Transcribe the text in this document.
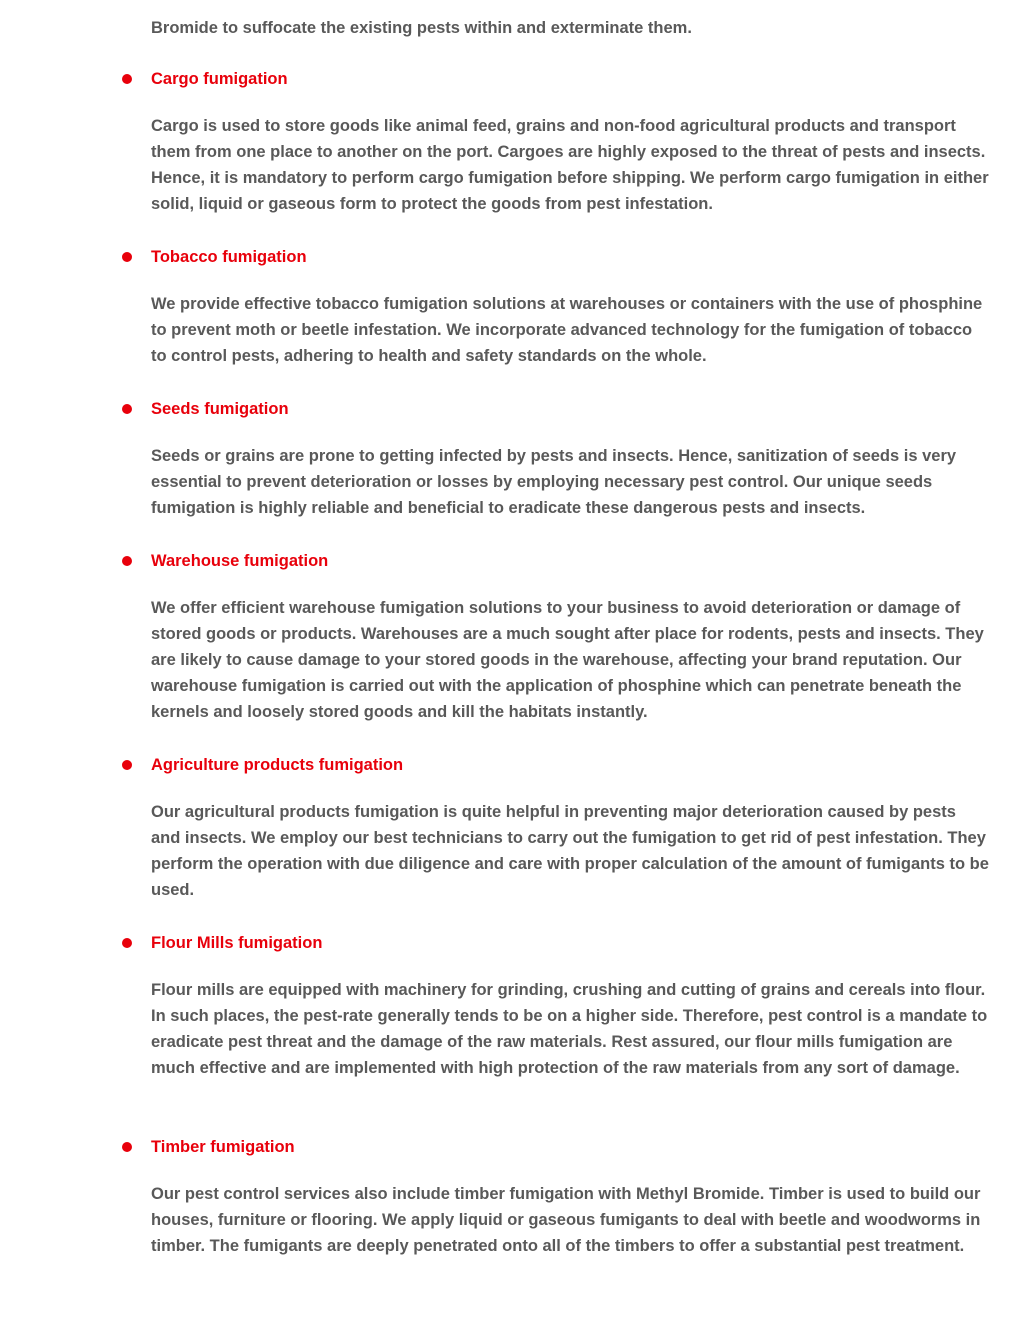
Bromide to suffocate the existing pests within and exterminate them.

Cargo fumigation

Cargo is used to store goods like animal feed, grains and non-food agricultural products and transport them from one place to another on the port. Cargoes are highly exposed to the threat of pests and insects. Hence, it is mandatory to perform cargo fumigation before shipping. We perform cargo fumigation in either solid, liquid or gaseous form to protect the goods from pest infestation.

Tobacco fumigation

We provide effective tobacco fumigation solutions at warehouses or containers with the use of phosphine to prevent moth or beetle infestation. We incorporate advanced technology for the fumigation of tobacco to control pests, adhering to health and safety standards on the whole.

Seeds fumigation

Seeds or grains are prone to getting infected by pests and insects. Hence, sanitization of seeds is very essential to prevent deterioration or losses by employing necessary pest control. Our unique seeds fumigation is highly reliable and beneficial to eradicate these dangerous pests and insects.

Warehouse fumigation

We offer efficient warehouse fumigation solutions to your business to avoid deterioration or damage of stored goods or products. Warehouses are a much sought after place for rodents, pests and insects. They are likely to cause damage to your stored goods in the warehouse, affecting your brand reputation. Our warehouse fumigation is carried out with the application of phosphine which can penetrate beneath the kernels and loosely stored goods and kill the habitats instantly.

Agriculture products fumigation

Our agricultural products fumigation is quite helpful in preventing major deterioration caused by pests and insects. We employ our best technicians to carry out the fumigation to get rid of pest infestation. They perform the operation with due diligence and care with proper calculation of the amount of fumigants to be used.

Flour Mills fumigation

Flour mills are equipped with machinery for grinding, crushing and cutting of grains and cereals into flour. In such places, the pest-rate generally tends to be on a higher side. Therefore, pest control is a mandate to eradicate pest threat and the damage of the raw materials. Rest assured, our flour mills fumigation are much effective and are implemented with high protection of the raw materials from any sort of damage.

Timber fumigation

Our pest control services also include timber fumigation with Methyl Bromide. Timber is used to build our houses, furniture or flooring. We apply liquid or gaseous fumigants to deal with beetle and woodworms in timber. The fumigants are deeply penetrated onto all of the timbers to offer a substantial pest treatment.
